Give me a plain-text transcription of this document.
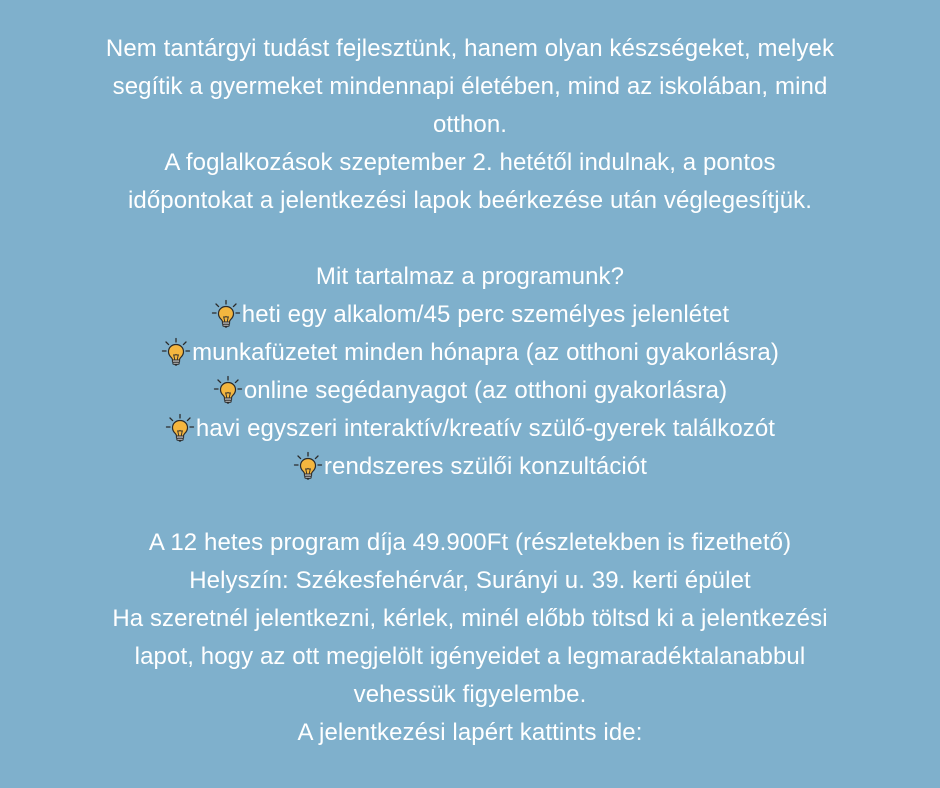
Nem tantárgyi tudást fejlesztünk, hanem olyan készségeket, melyek
segítik a gyermeket mindennapi életében, mind az iskolában, mind
otthon.
A foglalkozások szeptember 2. hetétől indulnak, a pontos
időpontokat a jelentkezési lapok beérkezése után véglegesítjük.
Mit tartalmaz a programunk?
heti egy alkalom/45 perc személyes jelenlétet
munkafüzetet minden hónapra (az otthoni gyakorlásra)
online segédanyagot (az otthoni gyakorlásra)
havi egyszeri interaktív/kreatív szülő-gyerek találkozót
rendszeres szülői konzultációt
A 12 hetes program díja 49.900Ft (részletekben is fizethető)
Helyszín: Székesfehérvár, Surányi u. 39. kerti épület
Ha szeretnél jelentkezni, kérlek, minél előbb töltsd ki a jelentkezési
lapot, hogy az ott megjelölt igényeidet a legmaradéktalanabbul
vehessük figyelembe.
A jelentkezési lapért kattints ide:
